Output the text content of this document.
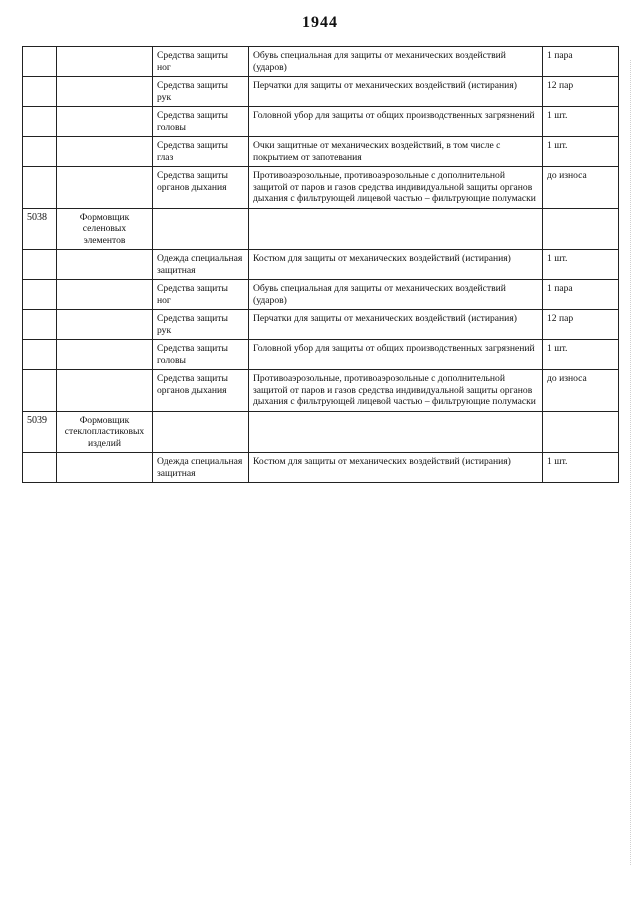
1944
		Средства защиты ног	Обувь специальная для защиты от механических воздействий (ударов)	1 пара
		Средства защиты рук	Перчатки для защиты от механических воздействий (истирания)	12 пар
		Средства защиты головы	Головной убор для защиты от общих производственных загрязнений	1 шт.
		Средства защиты глаз	Очки защитные от механических воздействий, в том числе с покрытием от запотевания	1 шт.
		Средства защиты органов дыхания	Противоаэрозольные, противоаэрозольные с дополнительной защитой от паров и газов средства индивидуальной защиты органов дыхания с фильтрующей лицевой частью – фильтрующие полумаски	до износа
5038	Формовщик селеновых элементов			
		Одежда специальная защитная	Костюм для защиты от механических воздействий (истирания)	1 шт.
		Средства защиты ног	Обувь специальная для защиты от механических воздействий (ударов)	1 пара
		Средства защиты рук	Перчатки для защиты от механических воздействий (истирания)	12 пар
		Средства защиты головы	Головной убор для защиты от общих производственных загрязнений	1 шт.
		Средства защиты органов дыхания	Противоаэрозольные, противоаэрозольные с дополнительной защитой от паров и газов средства индивидуальной защиты органов дыхания с фильтрующей лицевой частью – фильтрующие полумаски	до износа
5039	Формовщик стеклопластиковых изделий			
		Одежда специальная защитная	Костюм для защиты от механических воздействий (истирания)	1 шт.
